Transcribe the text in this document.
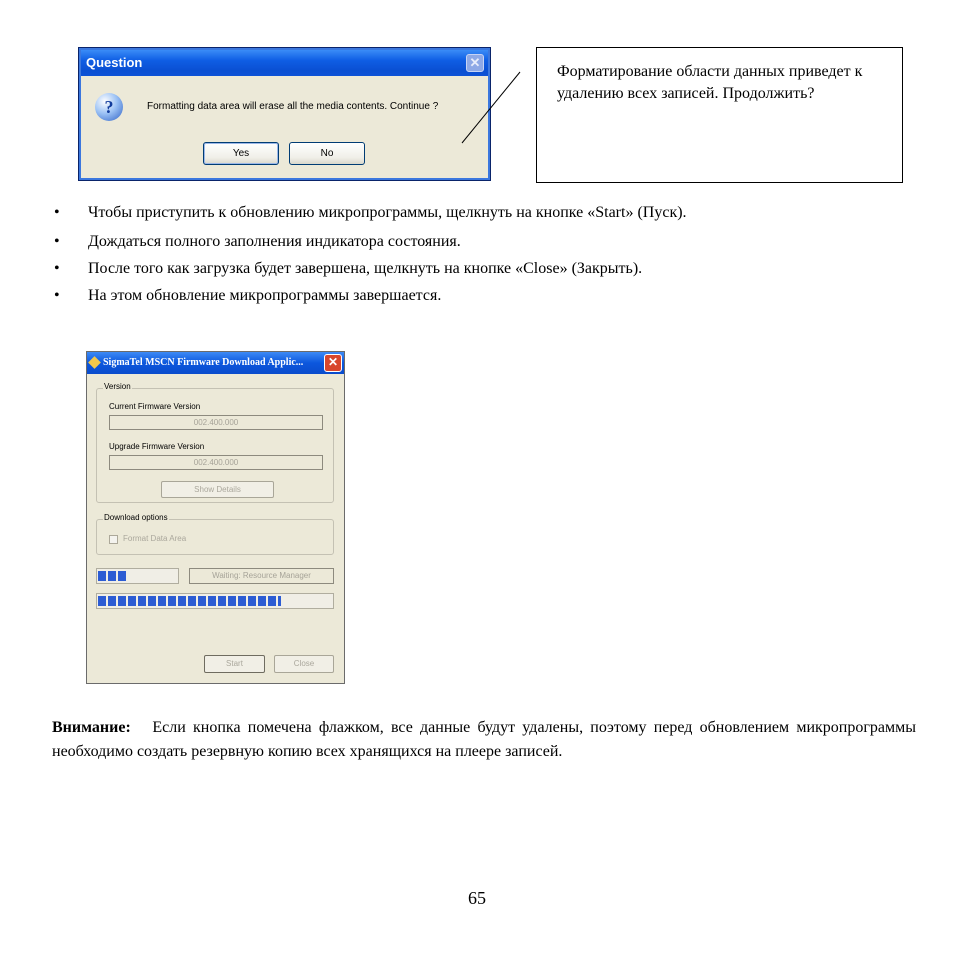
Question	✕
?	Formatting data area will erase all the media contents. Continue ?
Yes	No
Форматирование области данных приведет к удалению всех записей. Продолжить?
• Чтобы приступить к обновлению микропрограммы, щелкнуть на кнопке «Start» (Пуск).
• Дождаться полного заполнения индикатора состояния.
• После того как загрузка будет завершена, щелкнуть на кнопке «Close» (Закрыть).
• На этом обновление микропрограммы завершается.
SigmaTel MSCN Firmware Download Applic...	✕
Version
Current Firmware Version
002.400.000
Upgrade Firmware Version
002.400.000
Show Details
Download options
Format Data Area
Waiting: Resource Manager
Start	Close
Внимание: Если кнопка помечена флажком, все данные будут удалены, поэтому перед обновлением микропрограммы необходимо создать резервную копию всех хранящихся на плеере записей.
65
